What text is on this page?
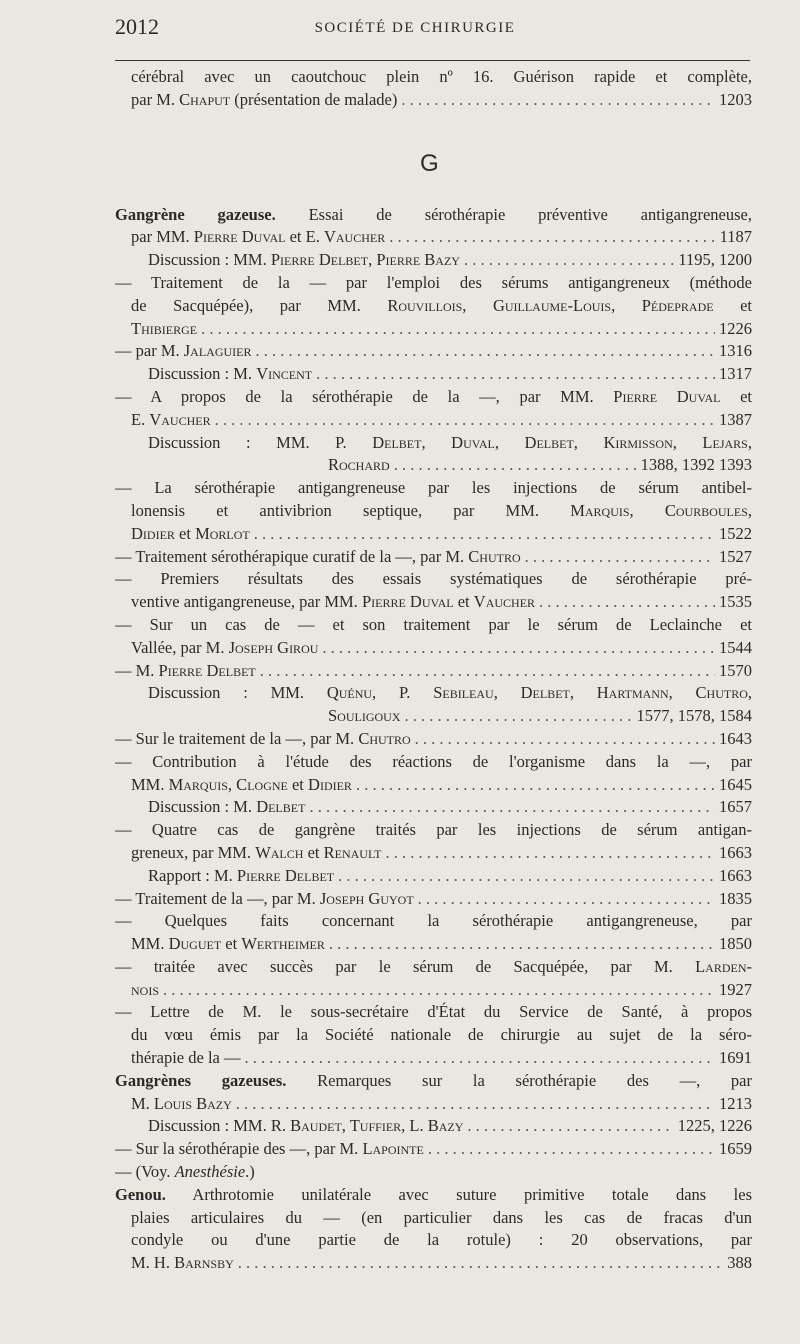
2012	SOCIÉTÉ DE CHIRURGIE
cérébral avec un caoutchouc plein nº 16. Guérison rapide et complète,
par M. Chaput (présentation de malade) . . .	1203
G
Gangrène gazeuse. Essai de sérothérapie préventive antigangreneuse,
par MM. Pierre Duval et E. Vaucher . . .	1187
Discussion : MM. Pierre Delbet, Pierre Bazy . . .	1195, 1200
— Traitement de la — par l'emploi des sérums antigangreneux (méthode
de Sacquépée), par MM. Rouvillois, Guillaume-Louis, Pédeprade et
Thibierge . . .	1226
— par M. Jalaguier . . .	1316
Discussion : M. Vincent . . .	1317
— A propos de la sérothérapie de la —, par MM. Pierre Duval et
E. Vaucher . . .	1387
Discussion : MM. P. Delbet, Duval, Delbet, Kirmisson, Lejars,
Rochard . . .	1388, 1392 1393
— La sérothérapie antigangreneuse par les injections de sérum antibel-
lonensis et antivibrion septique, par MM. Marquis, Courboules,
Didier et Morlot . . .	1522
— Traitement sérothérapique curatif de la —, par M. Chutro . . .	1527
— Premiers résultats des essais systématiques de sérothérapie pré-
ventive antigangreneuse, par MM. Pierre Duval et Vaucher . . .	1535
— Sur un cas de — et son traitement par le sérum de Leclainche et
Vallée, par M. Joseph Girou . . .	1544
— M. Pierre Delbet . . .	1570
Discussion : MM. Quénu, P. Sebileau, Delbet, Hartmann, Chutro,
Souligoux . . .	1577, 1578, 1584
— Sur le traitement de la —, par M. Chutro . . .	1643
— Contribution à l'étude des réactions de l'organisme dans la —, par
MM. Marquis, Clogne et Didier . . .	1645
Discussion : M. Delbet . . .	1657
— Quatre cas de gangrène traités par les injections de sérum antigan-
greneux, par MM. Walch et Renault . . .	1663
Rapport : M. Pierre Delbet . . .	1663
— Traitement de la —, par M. Joseph Guyot . . .	1835
— Quelques faits concernant la sérothérapie antigangreneuse, par
MM. Duguet et Wertheimer . . .	1850
— traitée avec succès par le sérum de Sacquépée, par M. Larden-
nois . . .	1927
— Lettre de M. le sous-secrétaire d'État du Service de Santé, à propos
du vœu émis par la Société nationale de chirurgie au sujet de la séro-
thérapie de la — . . .	1691
Gangrènes gazeuses. Remarques sur la sérothérapie des —, par
M. Louis Bazy . . .	1213
Discussion : MM. R. Baudet, Tuffier, L. Bazy . . .	1225, 1226
— Sur la sérothérapie des —, par M. Lapointe . . .	1659
— (Voy. Anesthésie.)
Genou. Arthrotomie unilatérale avec suture primitive totale dans les
plaies articulaires du — (en particulier dans les cas de fracas d'un
condyle ou d'une partie de la rotule) : 20 observations, par
M. H. Barnsby . . .	388
